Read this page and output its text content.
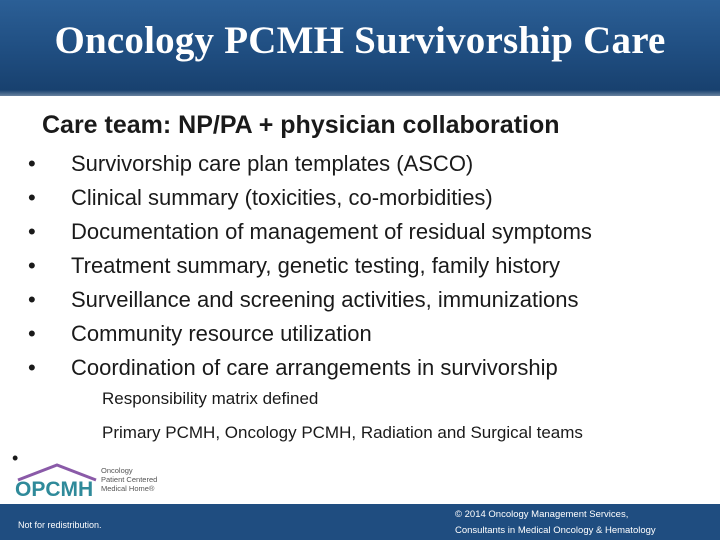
Oncology PCMH Survivorship Care
Care team: NP/PA + physician collaboration
• Survivorship care plan templates (ASCO)
• Clinical summary (toxicities, co-morbidities)
• Documentation of management of residual symptoms
• Treatment summary, genetic testing, family history
• Surveillance and screening activities, immunizations
• Community resource utilization
• Coordination of care arrangements in survivorship
Responsibility matrix defined
Primary PCMH, Oncology PCMH, Radiation and Surgical teams
•
OPCMH
Oncology
Patient Centered
Medical Home®
Not for redistribution.
© 2014 Oncology Management Services,
Consultants in Medical Oncology & Hematology
